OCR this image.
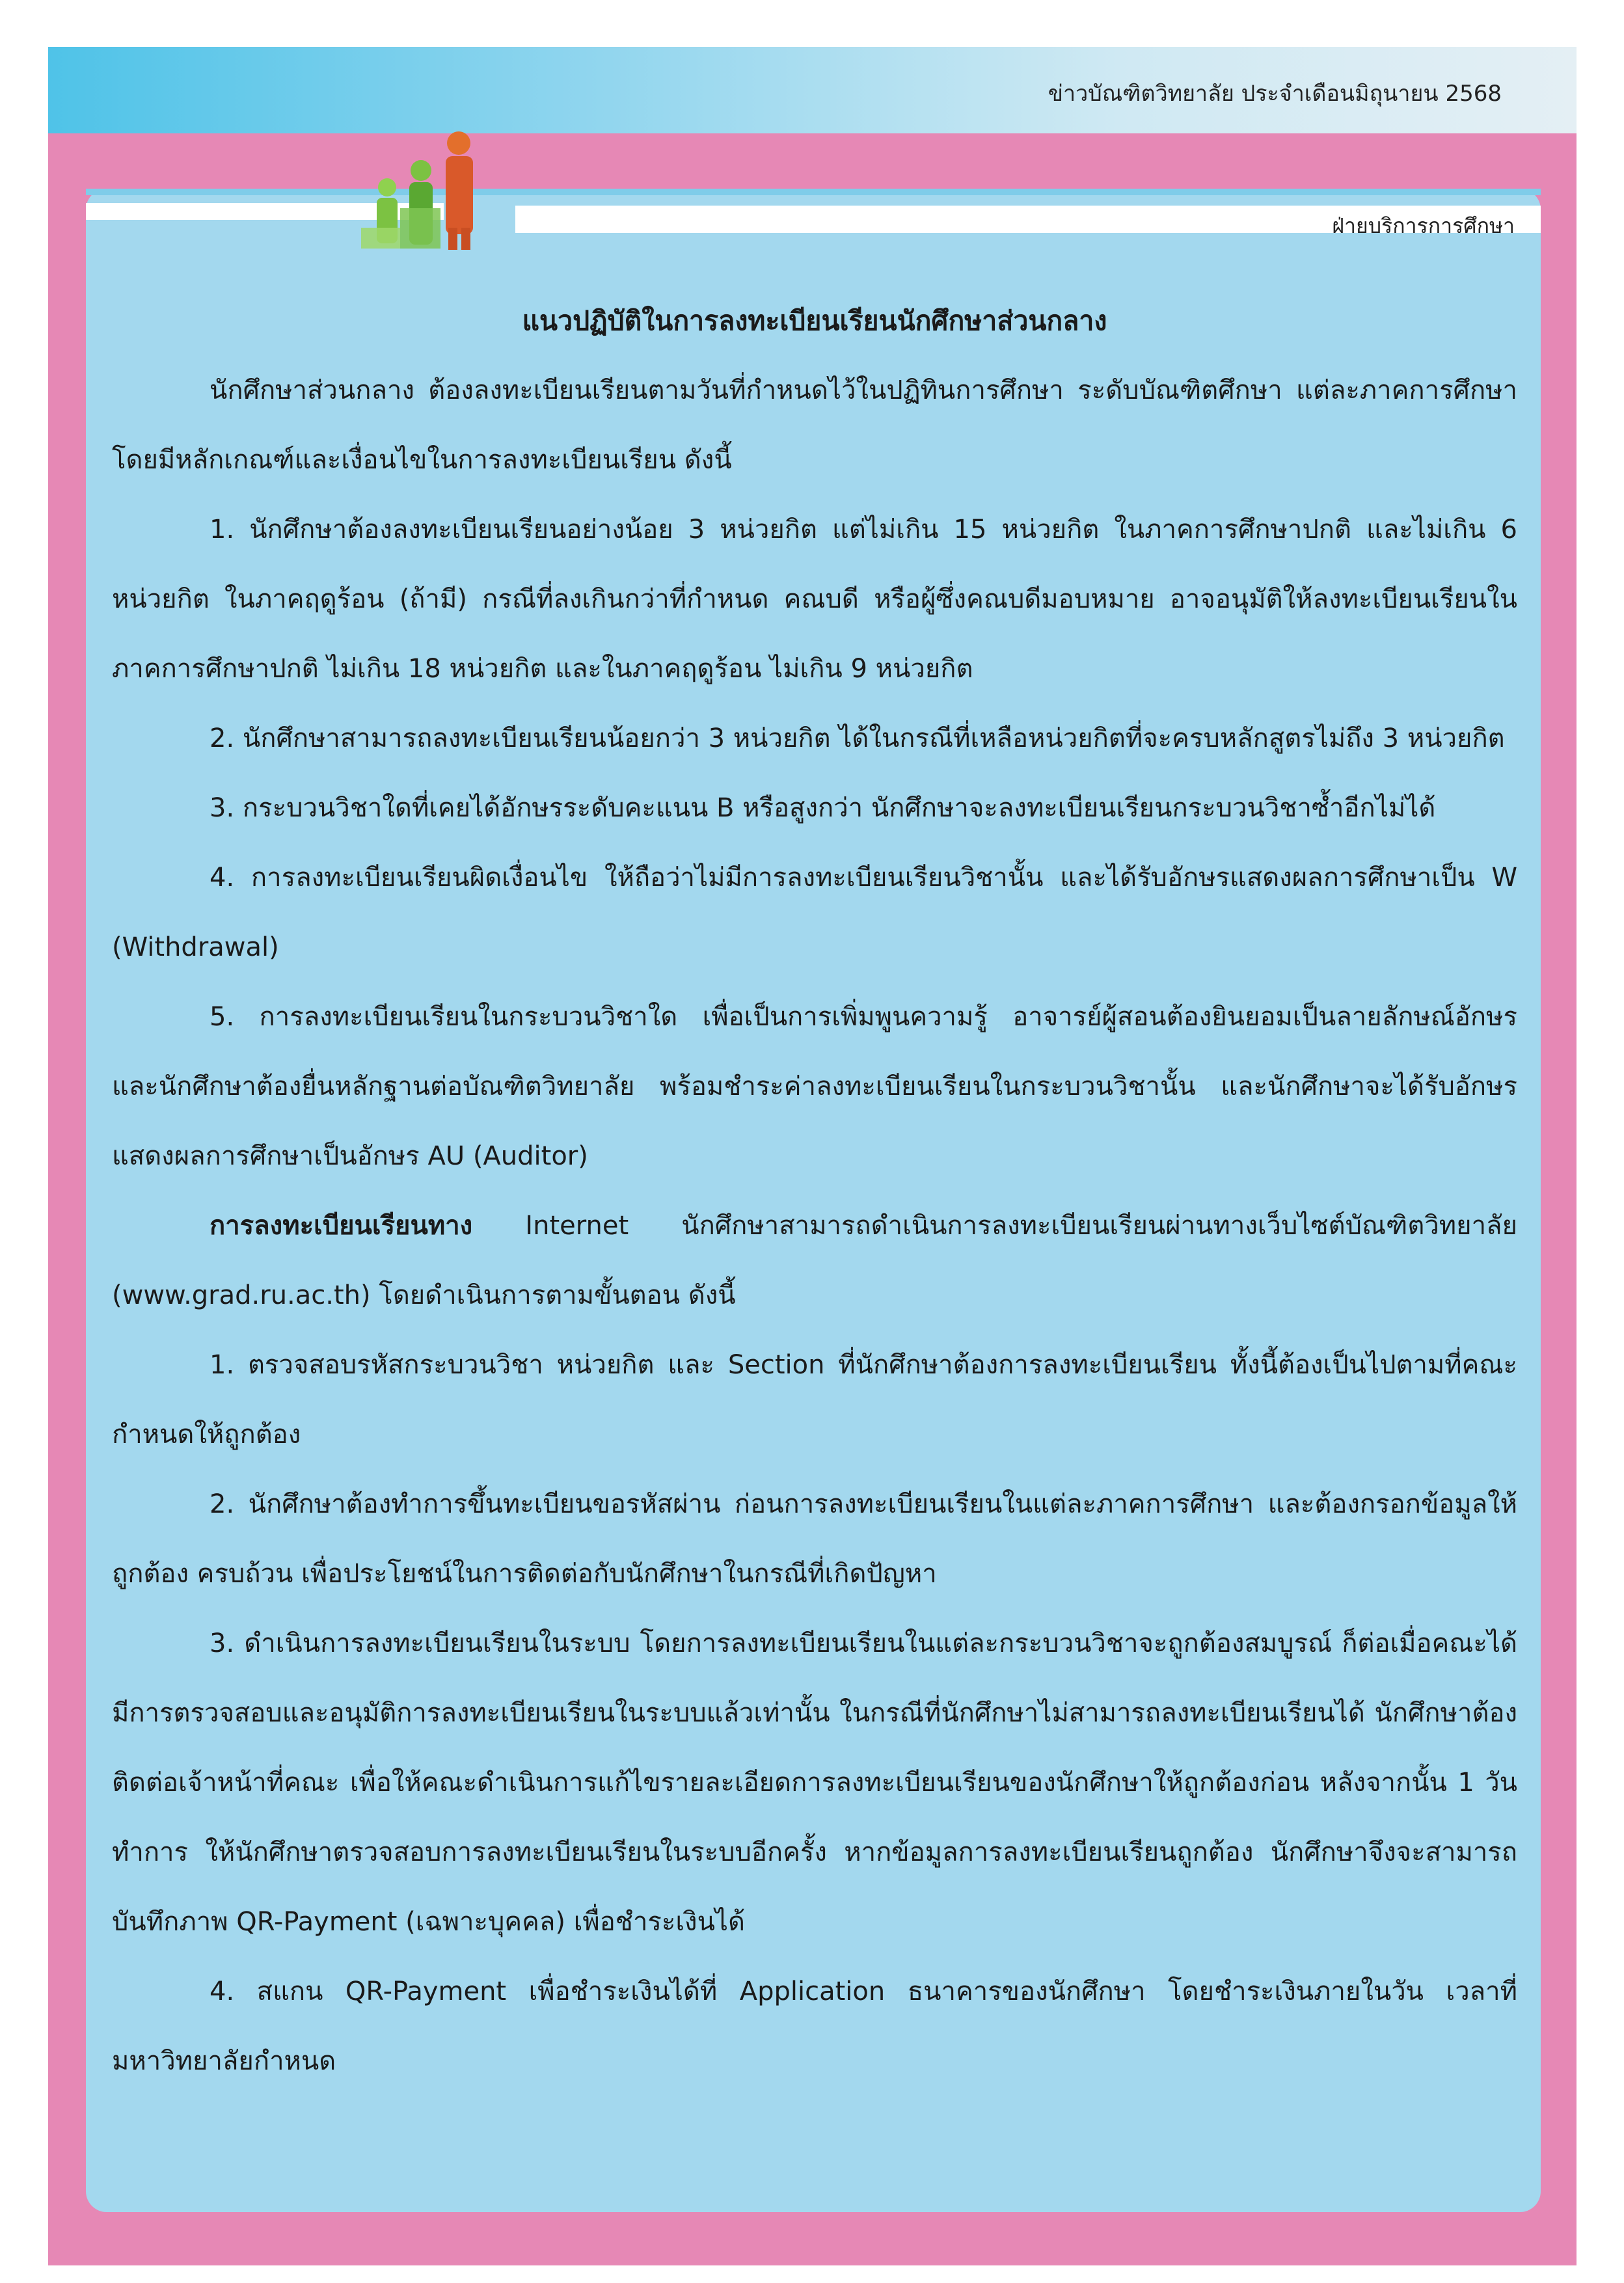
ข่าวบัณฑิตวิทยาลัย ประจำเดือนมิถุนายน 2568
ฝ่ายบริการการศึกษา

แนวปฏิบัติในการลงทะเบียนเรียนนักศึกษาส่วนกลาง

นักศึกษาส่วนกลาง ต้องลงทะเบียนเรียนตามวันที่กำหนดไว้ในปฏิทินการศึกษา ระดับบัณฑิตศึกษา แต่ละภาคการศึกษา โดยมีหลักเกณฑ์และเงื่อนไขในการลงทะเบียนเรียน ดังนี้

1. นักศึกษาต้องลงทะเบียนเรียนอย่างน้อย 3 หน่วยกิต แต่ไม่เกิน 15 หน่วยกิต ในภาคการศึกษาปกติ และไม่เกิน 6 หน่วยกิต ในภาคฤดูร้อน (ถ้ามี) กรณีที่ลงเกินกว่าที่กำหนด คณบดี หรือผู้ซึ่งคณบดีมอบหมาย อาจอนุมัติให้ลงทะเบียนเรียนในภาคการศึกษาปกติ ไม่เกิน 18 หน่วยกิต และในภาคฤดูร้อน ไม่เกิน 9 หน่วยกิต

2. นักศึกษาสามารถลงทะเบียนเรียนน้อยกว่า 3 หน่วยกิต ได้ในกรณีที่เหลือหน่วยกิตที่จะครบหลักสูตรไม่ถึง 3 หน่วยกิต

3. กระบวนวิชาใดที่เคยได้อักษรระดับคะแนน B หรือสูงกว่า นักศึกษาจะลงทะเบียนเรียนกระบวนวิชาซ้ำอีกไม่ได้

4. การลงทะเบียนเรียนผิดเงื่อนไข ให้ถือว่าไม่มีการลงทะเบียนเรียนวิชานั้น และได้รับอักษรแสดงผลการศึกษาเป็น W (Withdrawal)

5. การลงทะเบียนเรียนในกระบวนวิชาใด เพื่อเป็นการเพิ่มพูนความรู้ อาจารย์ผู้สอนต้องยินยอมเป็นลายลักษณ์อักษร และนักศึกษาต้องยื่นหลักฐานต่อบัณฑิตวิทยาลัย พร้อมชำระค่าลงทะเบียนเรียนในกระบวนวิชานั้น และนักศึกษาจะได้รับอักษรแสดงผลการศึกษาเป็นอักษร AU (Auditor)

การลงทะเบียนเรียนทาง Internet นักศึกษาสามารถดำเนินการลงทะเบียนเรียนผ่านทางเว็บไซต์บัณฑิตวิทยาลัย (www.grad.ru.ac.th) โดยดำเนินการตามขั้นตอน ดังนี้

1. ตรวจสอบรหัสกระบวนวิชา หน่วยกิต และ Section ที่นักศึกษาต้องการลงทะเบียนเรียน ทั้งนี้ต้องเป็นไปตามที่คณะกำหนดให้ถูกต้อง

2. นักศึกษาต้องทำการขึ้นทะเบียนขอรหัสผ่าน ก่อนการลงทะเบียนเรียนในแต่ละภาคการศึกษา และต้องกรอกข้อมูลให้ถูกต้อง ครบถ้วน เพื่อประโยชน์ในการติดต่อกับนักศึกษาในกรณีที่เกิดปัญหา

3. ดำเนินการลงทะเบียนเรียนในระบบ โดยการลงทะเบียนเรียนในแต่ละกระบวนวิชาจะถูกต้องสมบูรณ์ ก็ต่อเมื่อคณะได้มีการตรวจสอบและอนุมัติการลงทะเบียนเรียนในระบบแล้วเท่านั้น ในกรณีที่นักศึกษาไม่สามารถลงทะเบียนเรียนได้ นักศึกษาต้องติดต่อเจ้าหน้าที่คณะ เพื่อให้คณะดำเนินการแก้ไขรายละเอียดการลงทะเบียนเรียนของนักศึกษาให้ถูกต้องก่อน หลังจากนั้น 1 วันทำการ ให้นักศึกษาตรวจสอบการลงทะเบียนเรียนในระบบอีกครั้ง หากข้อมูลการลงทะเบียนเรียนถูกต้อง นักศึกษาจึงจะสามารถบันทึกภาพ QR-Payment (เฉพาะบุคคล) เพื่อชำระเงินได้

4. สแกน QR-Payment เพื่อชำระเงินได้ที่ Application ธนาคารของนักศึกษา โดยชำระเงินภายในวัน เวลาที่มหาวิทยาลัยกำหนด
